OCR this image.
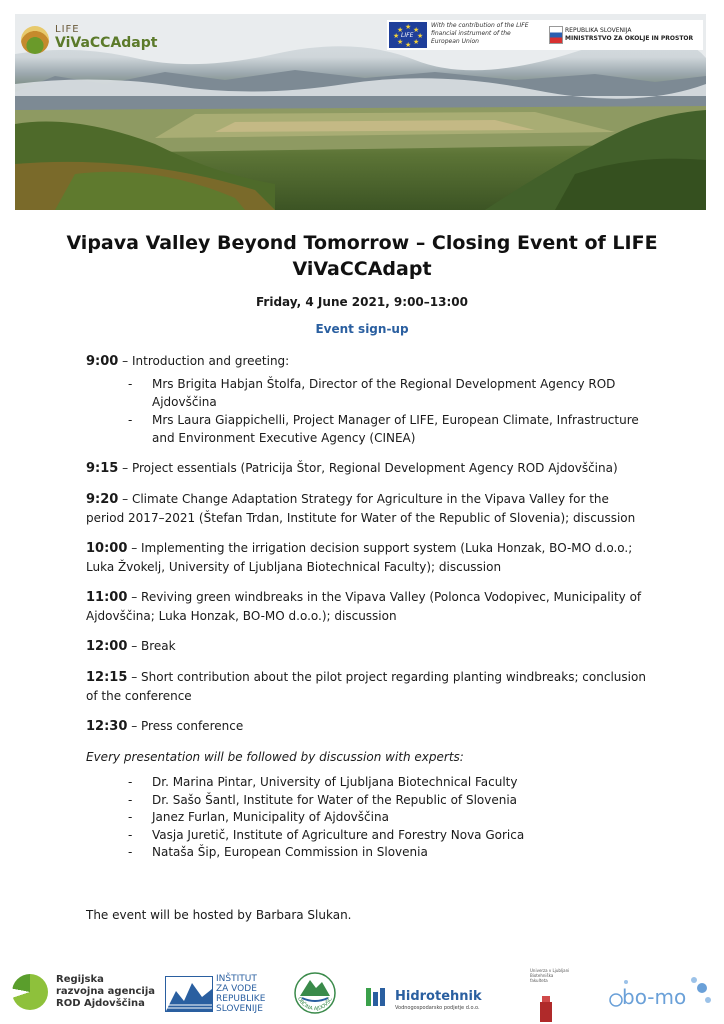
LIFE
ViVaCCAdapt
★ ★
★
★
★
★
★
★
LIFE
With the contribution of the LIFE financial instrument of the European Union
REPUBLIKA SLOVENIJA
MINISTRSTVO ZA OKOLJE IN PROSTOR
Vipava Valley Beyond Tomorrow – Closing Event of LIFE ViVaCCAdapt
Friday, 4 June 2021, 9:00–13:00
Event sign-up
9:00 – Introduction and greeting:
- Mrs Brigita Habjan Štolfa, Director of the Regional Development Agency ROD Ajdovščina
- Mrs Laura Giappichelli, Project Manager of LIFE, European Climate, Infrastructure and Environment Executive Agency (CINEA)
9:15 – Project essentials (Patricija Štor, Regional Development Agency ROD Ajdovščina)
9:20 – Climate Change Adaptation Strategy for Agriculture in the Vipava Valley for the period 2017–2021 (Štefan Trdan, Institute for Water of the Republic of Slovenia); discussion
10:00 – Implementing the irrigation decision support system (Luka Honzak, BO-MO d.o.o.; Luka Žvokelj, University of Ljubljana Biotechnical Faculty); discussion
11:00 – Reviving green windbreaks in the Vipava Valley (Polonca Vodopivec, Municipality of Ajdovščina; Luka Honzak, BO-MO d.o.o.); discussion
12:00 – Break
12:15 – Short contribution about the pilot project regarding planting windbreaks; conclusion of the conference
12:30 – Press conference
Every presentation will be followed by discussion with experts:
- Dr. Marina Pintar, University of Ljubljana Biotechnical Faculty
- Dr. Sašo Šantl, Institute for Water of the Republic of Slovenia
- Janez Furlan, Municipality of Ajdovščina
- Vasja Juretič, Institute of Agriculture and Forestry Nova Gorica
- Nataša Šip, European Commission in Slovenia
The event will be hosted by Barbara Slukan.
Regijska
razvojna agencija
ROD Ajdovščina
INŠTITUT
ZA VODE
REPUBLIKE
SLOVENIJE
OBČINA AJDOVŠČ	Hidrotehnik
Vodnogospodarsko podjetje d.o.o.
Univerza v Ljubljani Biotehniška fakulteta
bo-mo
